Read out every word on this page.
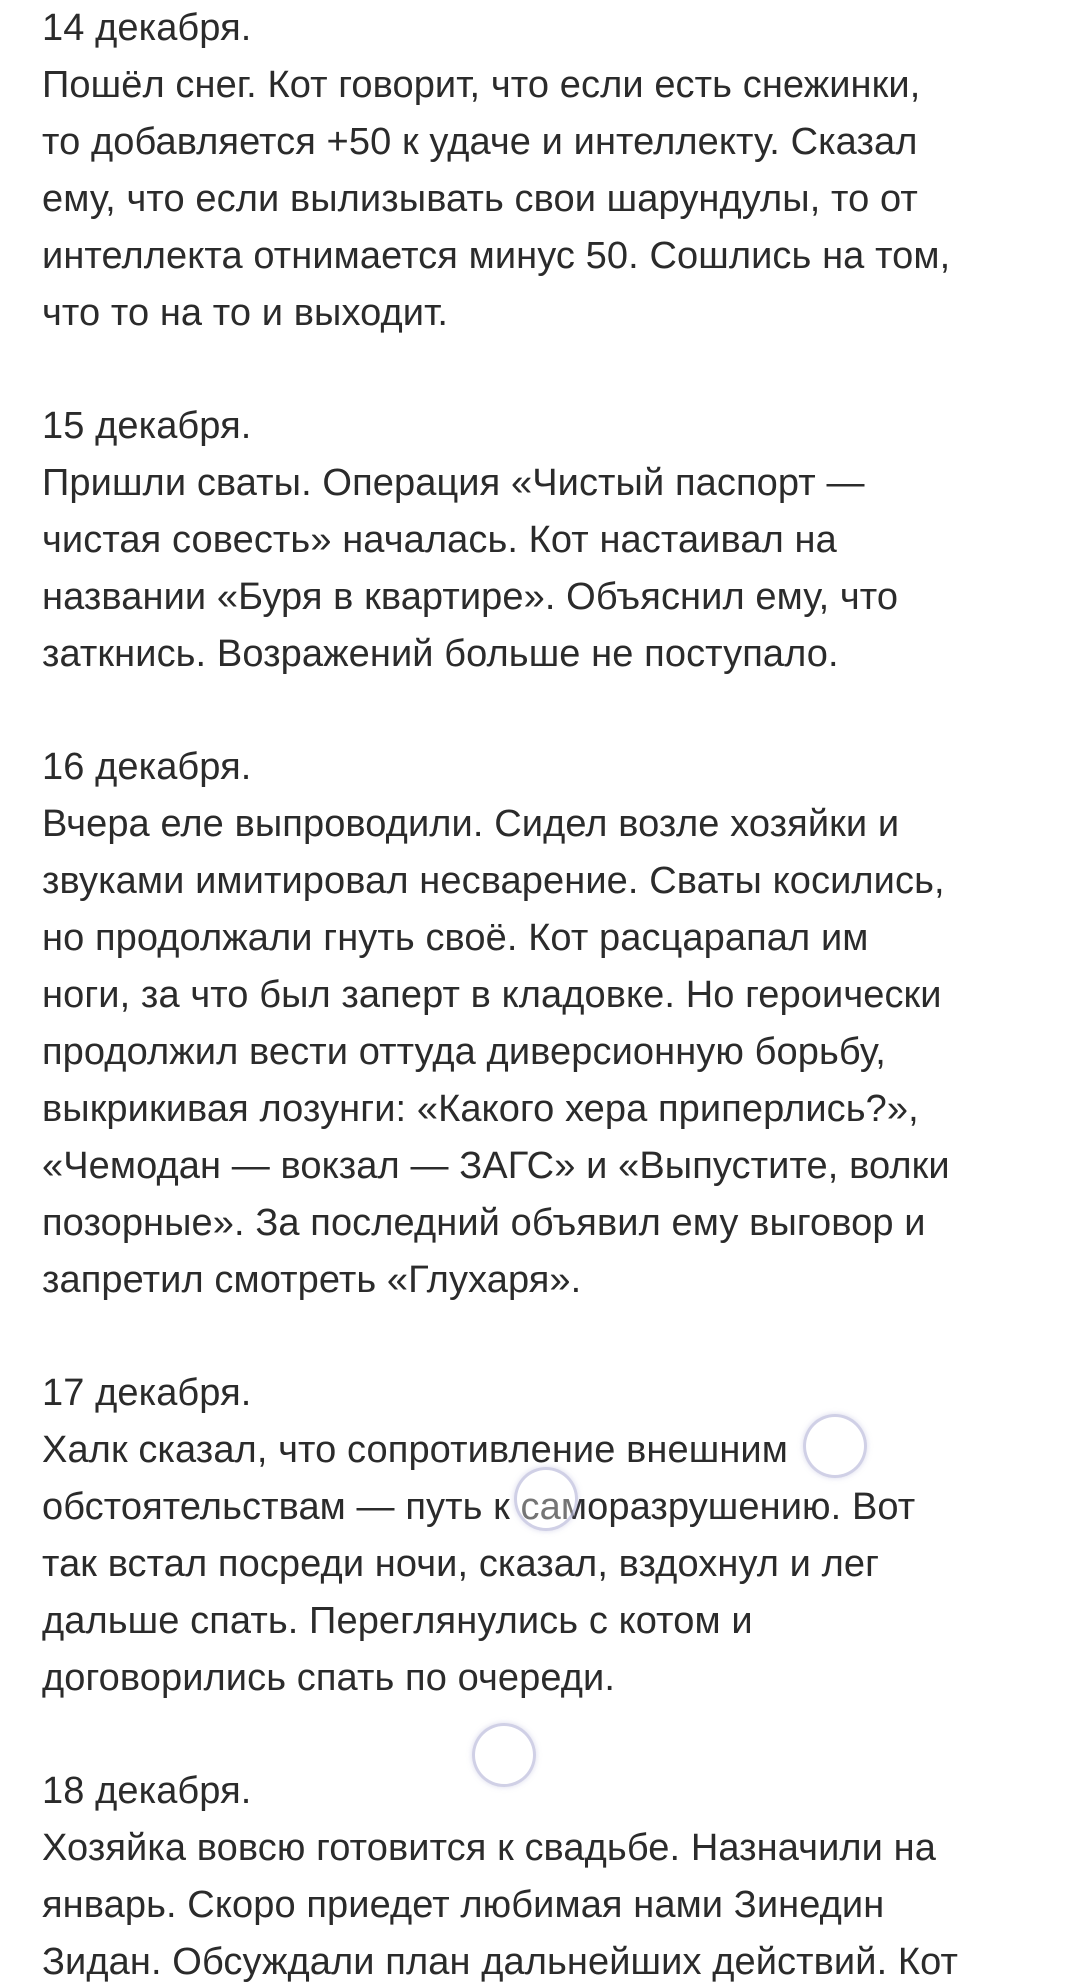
14 декабря.
Пошёл снег. Кот говорит, что если есть снежинки,
то добавляется +50 к удаче и интеллекту. Сказал
ему, что если вылизывать свои шарундулы, то от
интеллекта отнимается минус 50. Сошлись на том,
что то на то и выходит.
15 декабря.
Пришли сваты. Операция «Чистый паспорт —
чистая совесть» началась. Кот настаивал на
названии «Буря в квартире». Объяснил ему, что
заткнись. Возражений больше не поступало.
16 декабря.
Вчера еле выпроводили. Сидел возле хозяйки и
звуками имитировал несварение. Сваты косились,
но продолжали гнуть своё. Кот расцарапал им
ноги, за что был заперт в кладовке. Но героически
продолжил вести оттуда диверсионную борьбу,
выкрикивая лозунги: «Какого хера приперлись?»,
«Чемодан — вокзал — ЗАГС» и «Выпустите, волки
позорные». За последний объявил ему выговор и
запретил смотреть «Глухаря».
17 декабря.
Халк сказал, что сопротивление внешним
обстоятельствам — путь к саморазрушению. Вот
так встал посреди ночи, сказал, вздохнул и лег
дальше спать. Переглянулись с котом и
договорились спать по очереди.
18 декабря.
Хозяйка вовсю готовится к свадьбе. Назначили на
январь. Скоро приедет любимая нами Зинедин
Зидан. Обсуждали план дальнейших действий. Кот
